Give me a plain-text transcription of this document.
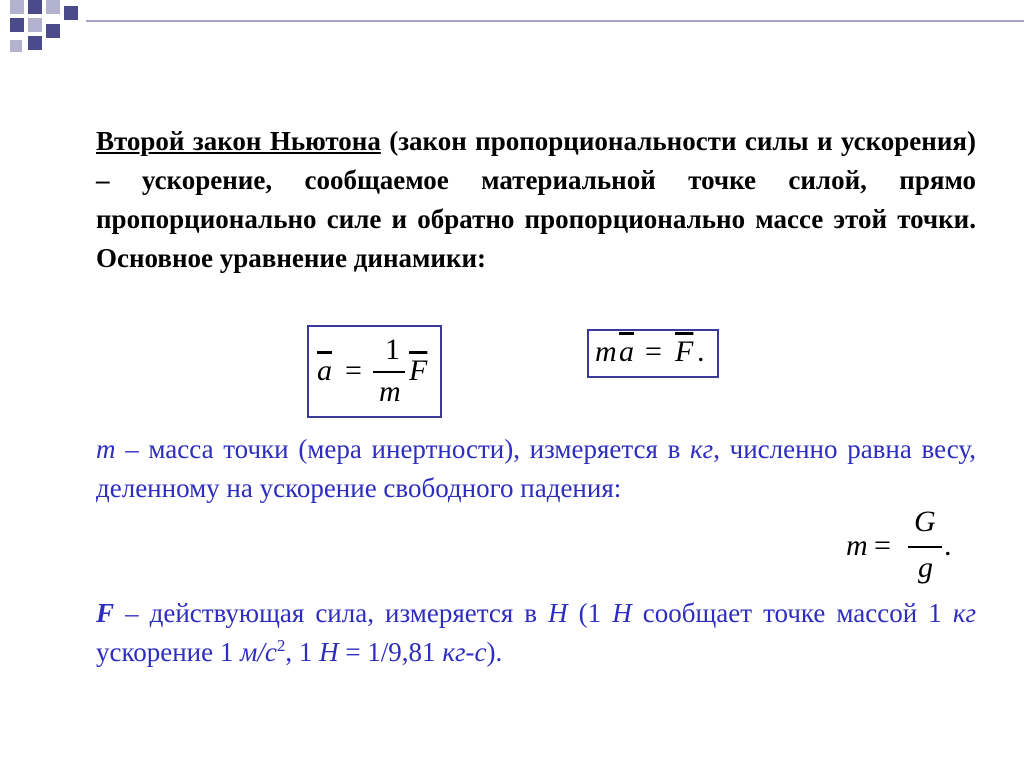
Второй закон Ньютона (закон пропорциональности силы и ускорения) – ускорение, сообщаемое материальной точке силой, прямо пропорционально силе и обратно пропорционально массе этой точки. Основное уравнение динамики:
$\overline{a}$ =
1
m
$\overline{F}$
m $\overline{a} = \overline{F}$ .
m – масса точки (мера инертности), измеряется в кг, численно равна весу, деленному на ускорение свободного падения:
m =
G
g
.
F – действующая сила, измеряется в Н (1 Н сообщает точке массой 1 кг ускорение 1 $м/с^2$, 1 Н = 1/9,81 кг-с).
